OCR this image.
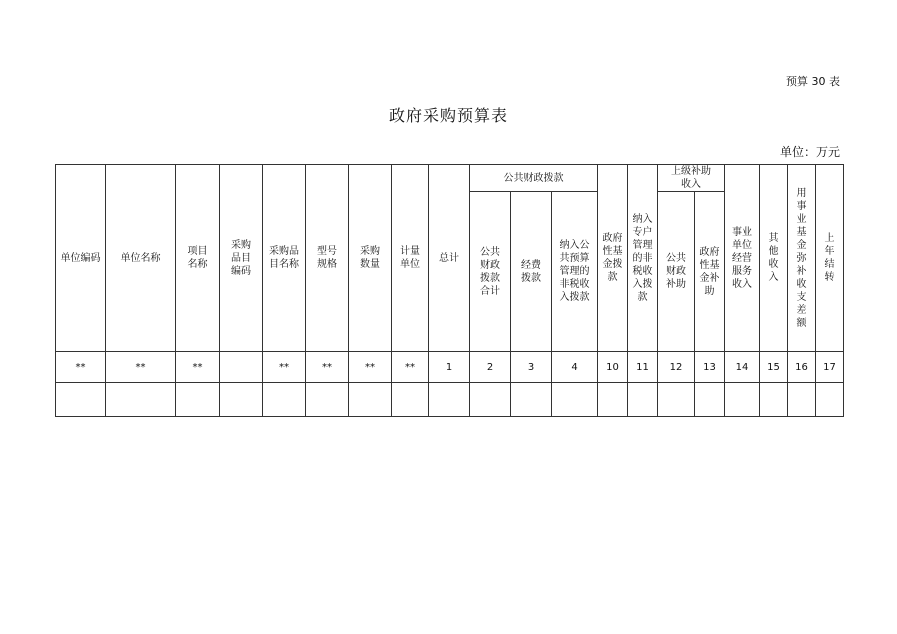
预算 30 表
政府采购预算表
单位：万元
单位编码	单位名称	项目名称	采购品目编码	采购品目名称	型号规格	采购数量	计量单位	总计	公共财政拨款			政府性基金拨款	纳入专户管理的非税收入拨款	上级补助收入		事业单位经营服务收入	其他收入	用事业基金弥补收支差额	上年结转

									公共财政拨款合计	经费拨款	纳入公共预算管理的非税收入拨款			公共财政补助	政府性基金补助				

**	**	**		**	**	**	**	1	2	3	4	10	11	12	13	14	15	16	17
